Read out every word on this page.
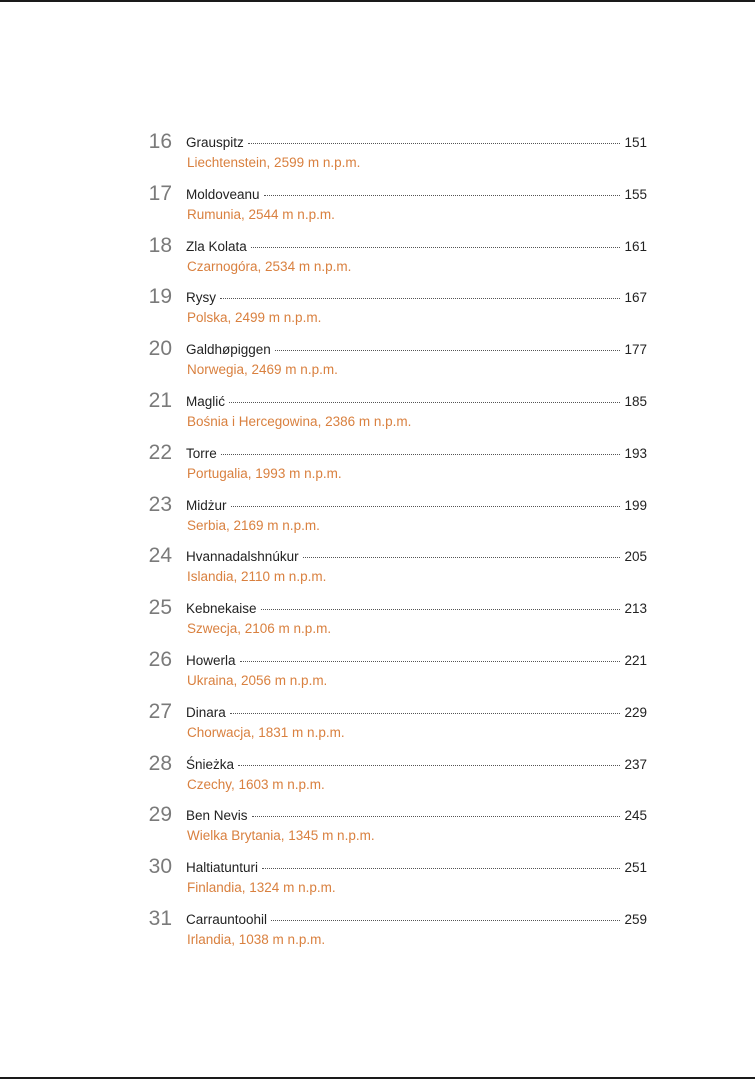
16 Grauspitz	151
Liechtenstein, 2599 m n.p.m.
17 Moldoveanu	155
Rumunia, 2544 m n.p.m.
18 Zla Kolata	161
Czarnogóra, 2534 m n.p.m.
19 Rysy	167
Polska, 2499 m n.p.m.
20 Galdhøpiggen	177
Norwegia, 2469 m n.p.m.
21 Maglić	185
Bośnia i Hercegowina, 2386 m n.p.m.
22 Torre	193
Portugalia, 1993 m n.p.m.
23 Midżur	199
Serbia, 2169 m n.p.m.
24 Hvannadalshnúkur	205
Islandia, 2110 m n.p.m.
25 Kebnekaise	213
Szwecja, 2106 m n.p.m.
26 Howerla	221
Ukraina, 2056 m n.p.m.
27 Dinara	229
Chorwacja, 1831 m n.p.m.
28 Śnieżka	237
Czechy, 1603 m n.p.m.
29 Ben Nevis	245
Wielka Brytania, 1345 m n.p.m.
30 Haltiatunturi	251
Finlandia, 1324 m n.p.m.
31 Carrauntoohil	259
Irlandia, 1038 m n.p.m.
